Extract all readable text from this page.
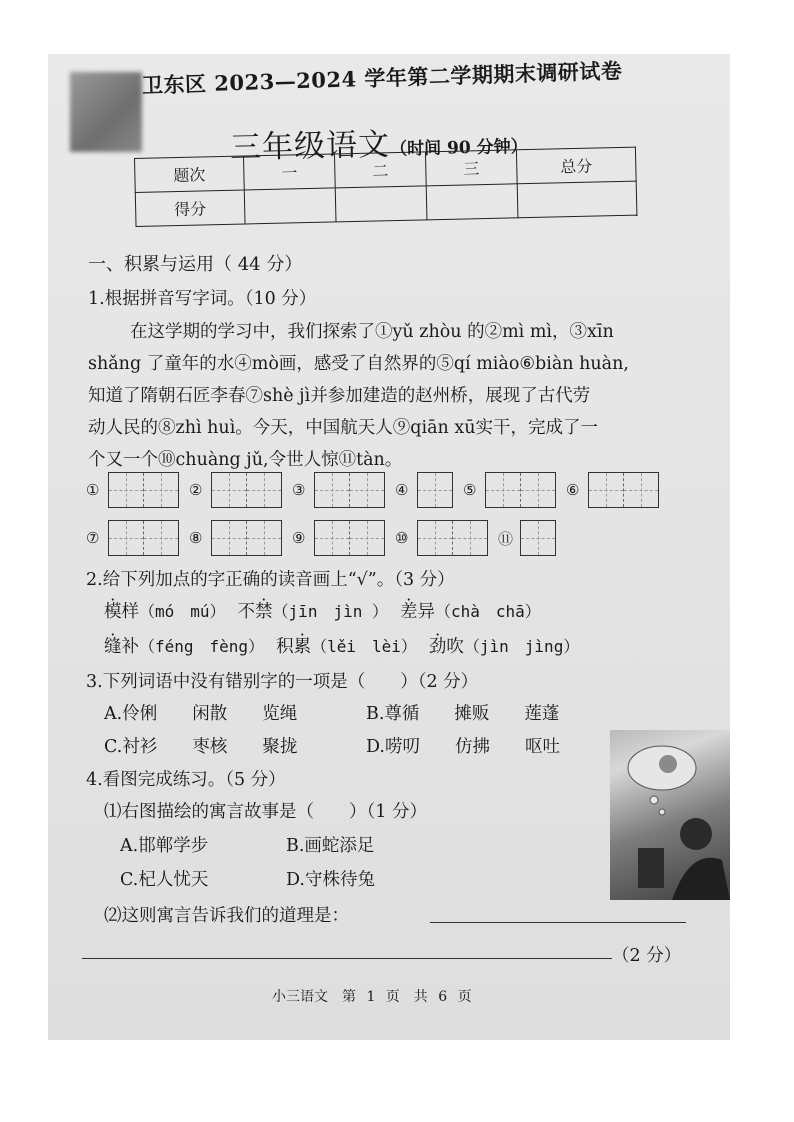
卫东区 2023—2024 学年第二学期期末调研试卷
三年级语文（时间 90 分钟）
题次	一	二	三	总分
得分				
一、积累与运用（ 44 分）
1.根据拼音写字词。（10 分）
在这学期的学习中，我们探索了①yǔ zhòu 的②mì mì，③xīn
shǎng 了童年的水④mò画，感受了自然界的⑤qí miào⑥biàn huàn,
知道了隋朝石匠李春⑦shè jì并参加建造的赵州桥，展现了古代劳
动人民的⑧zhì huì。今天，中国航天人⑨qiān xū实干，完成了一
个又一个⑩chuàng jǔ,令世人惊⑪tàn。
①	②	③	④	⑤	⑥
⑦	⑧	⑨	⑩	⑪
2.给下列加点的字正确的读音画上“√”。（3 分）
模样（mó　mú） 不禁（jīn　jìn ） 差异（chà　chā）
缝补（féng　fèng） 积累（lěi　lèi） 劲吹（jìn　jìng）
3.下列词语中没有错别字的一项是（　　）（2 分）
A.伶俐　　闲散　　览绳	B.尊循　　摊贩　　莲蓬
C.衬衫　　枣核　　聚拢	D.唠叨　　仿拂　　呕吐
4.看图完成练习。（5 分）
⑴右图描绘的寓言故事是（　　）（1 分）
A.邯郸学步	B.画蛇添足
C.杞人忧天	D.守株待兔
⑵这则寓言告诉我们的道理是：
（2 分）
小三语文　第 1 页　共 6 页
